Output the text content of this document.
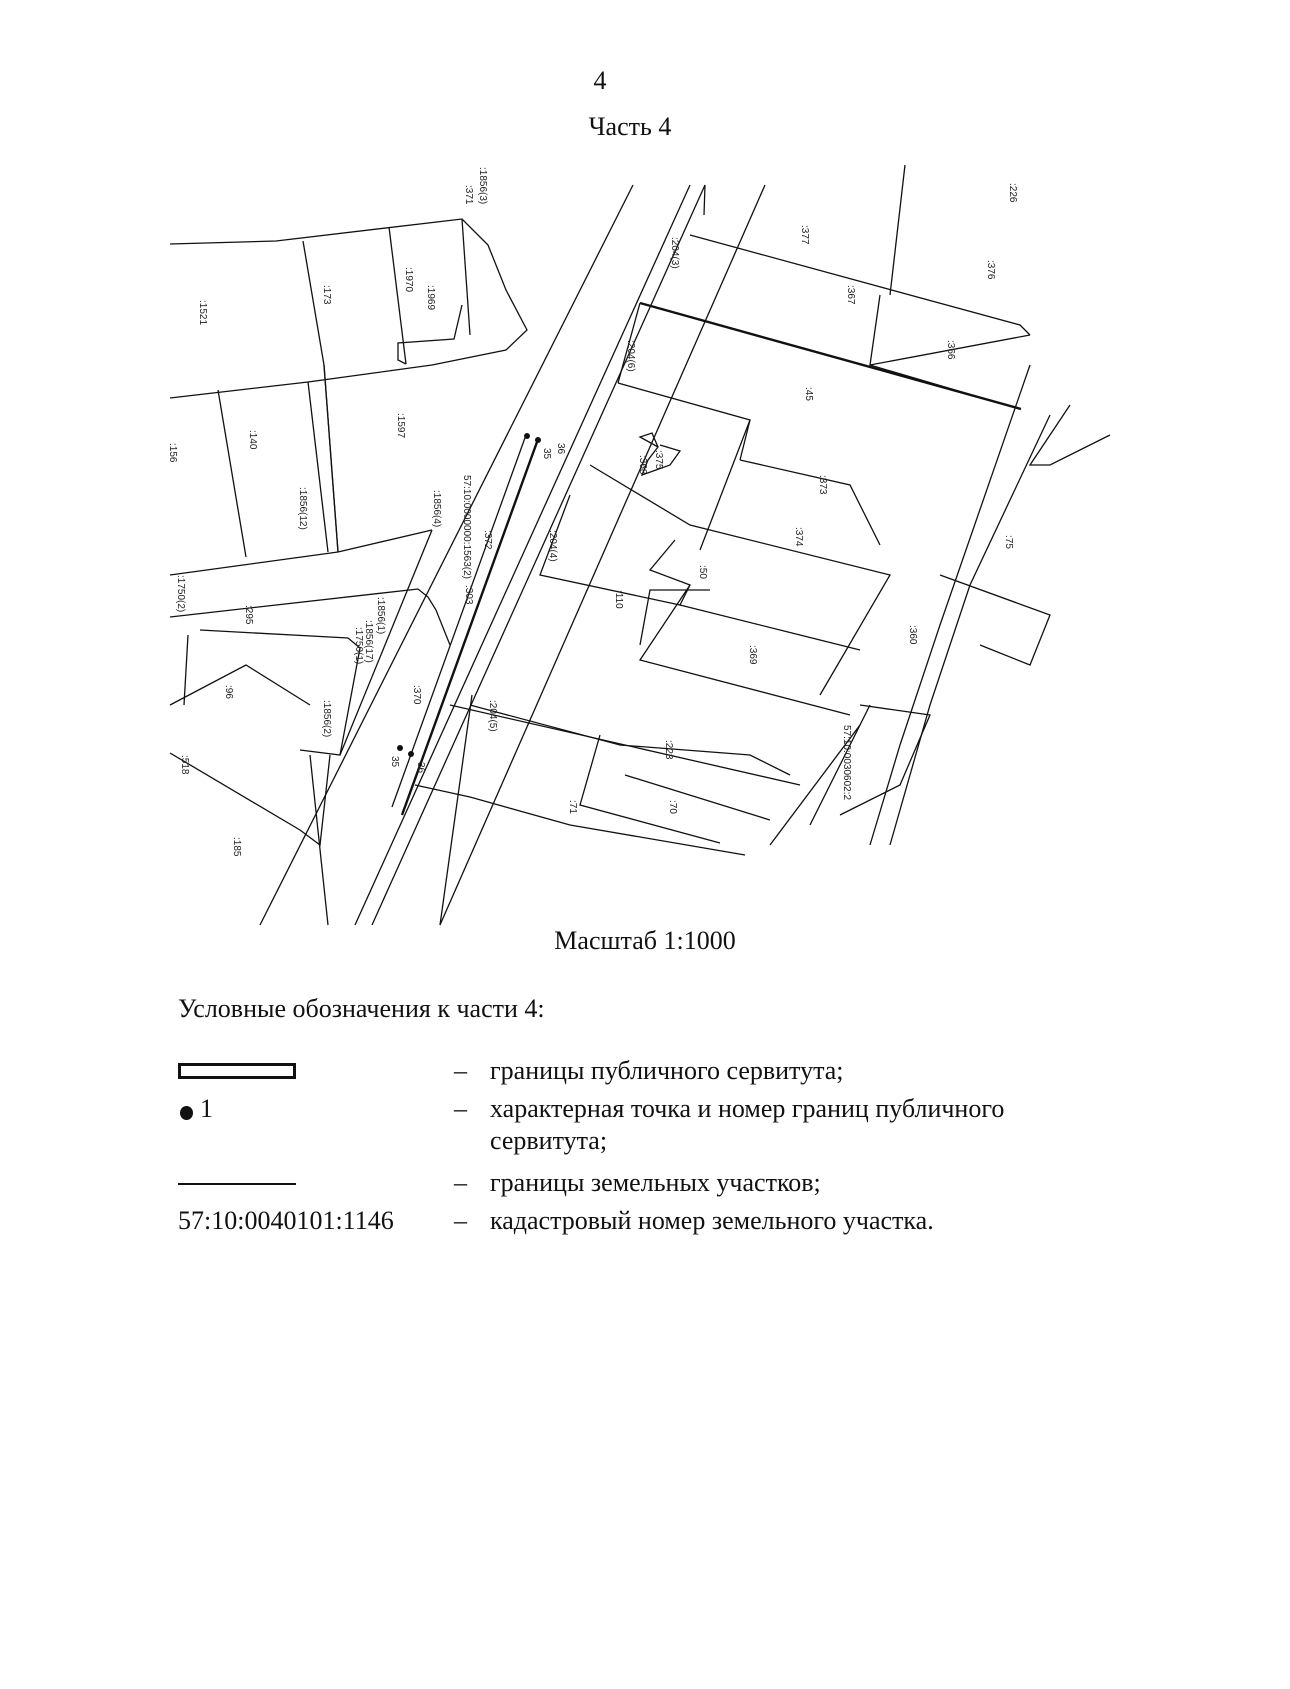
4
Часть 4
:1521
:173
:1970
:1969
:1856(3)
:371
:156
:140
:1597
:1856(12)	:1856(4)
:1750(2)
:295	:1856(1)
:1856(17)
:1750(1)
:96
:1856(2)
:518
:185
57:10:0000000:1563(2) :372
:303
:370
:377
:376
:226
:367
:366
:204(3)
:204(6)
:45
:375
:368
:373
:374
:204(4)
:50
:110
:75
:369
:360
:204(5)
:223
:71	:70
57:10:0030602:2
35 36
35
36
Масштаб 1:1000
Условные обозначения к части 4:
– границы публичного сервитута;
1	– характерная точка и номер границ публичного сервитута;
– границы земельных участков;
57:10:0040101:1146	– кадастровый номер земельного участка.
